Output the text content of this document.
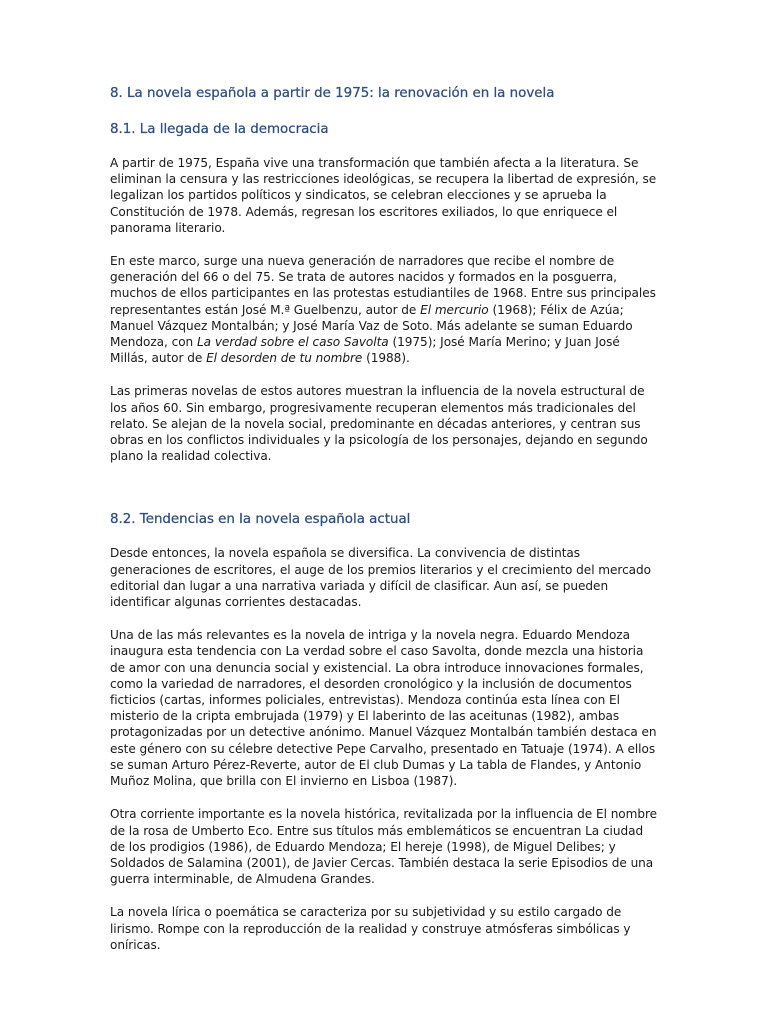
8. La novela española a partir de 1975: la renovación en la novela
8.1. La llegada de la democracia

A partir de 1975, España vive una transformación que también afecta a la literatura. Se eliminan la censura y las restricciones ideológicas, se recupera la libertad de expresión, se legalizan los partidos políticos y sindicatos, se celebran elecciones y se aprueba la Constitución de 1978. Además, regresan los escritores exiliados, lo que enriquece el panorama literario.

En este marco, surge una nueva generación de narradores que recibe el nombre de generación del 66 o del 75. Se trata de autores nacidos y formados en la posguerra, muchos de ellos participantes en las protestas estudiantiles de 1968. Entre sus principales representantes están José M.ª Guelbenzu, autor de El mercurio (1968); Félix de Azúa; Manuel Vázquez Montalbán; y José María Vaz de Soto. Más adelante se suman Eduardo Mendoza, con La verdad sobre el caso Savolta (1975); José María Merino; y Juan José Millás, autor de El desorden de tu nombre (1988).

Las primeras novelas de estos autores muestran la influencia de la novela estructural de los años 60. Sin embargo, progresivamente recuperan elementos más tradicionales del relato. Se alejan de la novela social, predominante en décadas anteriores, y centran sus obras en los conflictos individuales y la psicología de los personajes, dejando en segundo plano la realidad colectiva.

8.2. Tendencias en la novela española actual

Desde entonces, la novela española se diversifica. La convivencia de distintas generaciones de escritores, el auge de los premios literarios y el crecimiento del mercado editorial dan lugar a una narrativa variada y difícil de clasificar. Aun así, se pueden identificar algunas corrientes destacadas.

Una de las más relevantes es la novela de intriga y la novela negra. Eduardo Mendoza inaugura esta tendencia con La verdad sobre el caso Savolta, donde mezcla una historia de amor con una denuncia social y existencial. La obra introduce innovaciones formales, como la variedad de narradores, el desorden cronológico y la inclusión de documentos ficticios (cartas, informes policiales, entrevistas). Mendoza continúa esta línea con El misterio de la cripta embrujada (1979) y El laberinto de las aceitunas (1982), ambas protagonizadas por un detective anónimo. Manuel Vázquez Montalbán también destaca en este género con su célebre detective Pepe Carvalho, presentado en Tatuaje (1974). A ellos se suman Arturo Pérez-Reverte, autor de El club Dumas y La tabla de Flandes, y Antonio Muñoz Molina, que brilla con El invierno en Lisboa (1987).

Otra corriente importante es la novela histórica, revitalizada por la influencia de El nombre de la rosa de Umberto Eco. Entre sus títulos más emblemáticos se encuentran La ciudad de los prodigios (1986), de Eduardo Mendoza; El hereje (1998), de Miguel Delibes; y Soldados de Salamina (2001), de Javier Cercas. También destaca la serie Episodios de una guerra interminable, de Almudena Grandes.

La novela lírica o poemática se caracteriza por su subjetividad y su estilo cargado de lirismo. Rompe con la reproducción de la realidad y construye atmósferas simbólicas y oníricas.
